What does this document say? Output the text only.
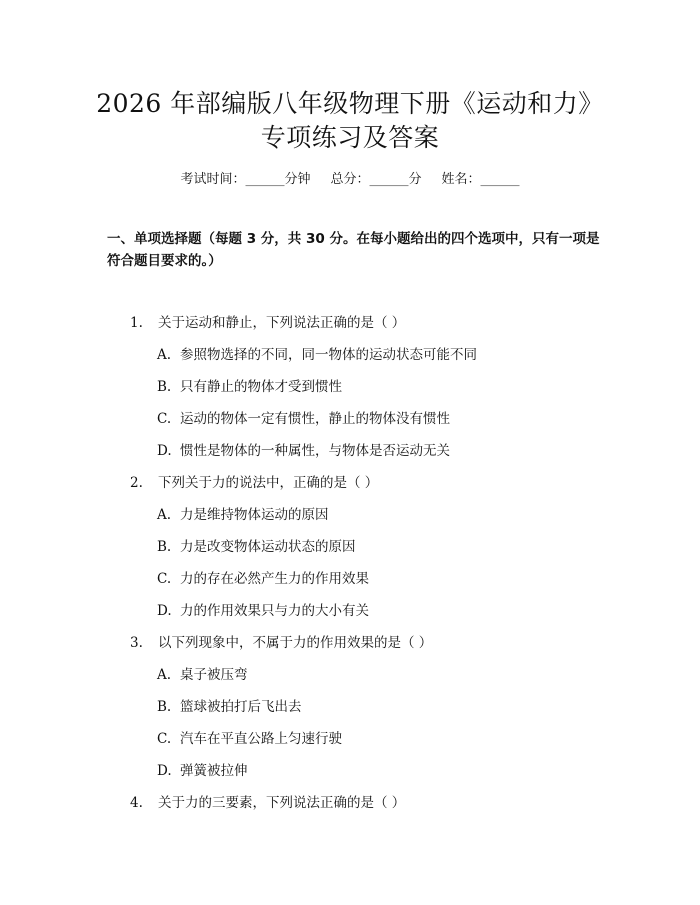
2026 年部编版八年级物理下册《运动和力》
专项练习及答案
考试时间：______分钟 总分：______分 姓名：______
一、单项选择题（每题 3 分，共 30 分。在每小题给出的四个选项中，只有一项是
符合题目要求的。）
1. 关于运动和静止，下列说法正确的是（ ）
A. 参照物选择的不同，同一物体的运动状态可能不同
B. 只有静止的物体才受到惯性
C. 运动的物体一定有惯性，静止的物体没有惯性
D. 惯性是物体的一种属性，与物体是否运动无关
2. 下列关于力的说法中，正确的是（ ）
A. 力是维持物体运动的原因
B. 力是改变物体运动状态的原因
C. 力的存在必然产生力的作用效果
D. 力的作用效果只与力的大小有关
3. 以下列现象中，不属于力的作用效果的是（ ）
A. 桌子被压弯
B. 篮球被拍打后飞出去
C. 汽车在平直公路上匀速行驶
D. 弹簧被拉伸
4. 关于力的三要素，下列说法正确的是（ ）
